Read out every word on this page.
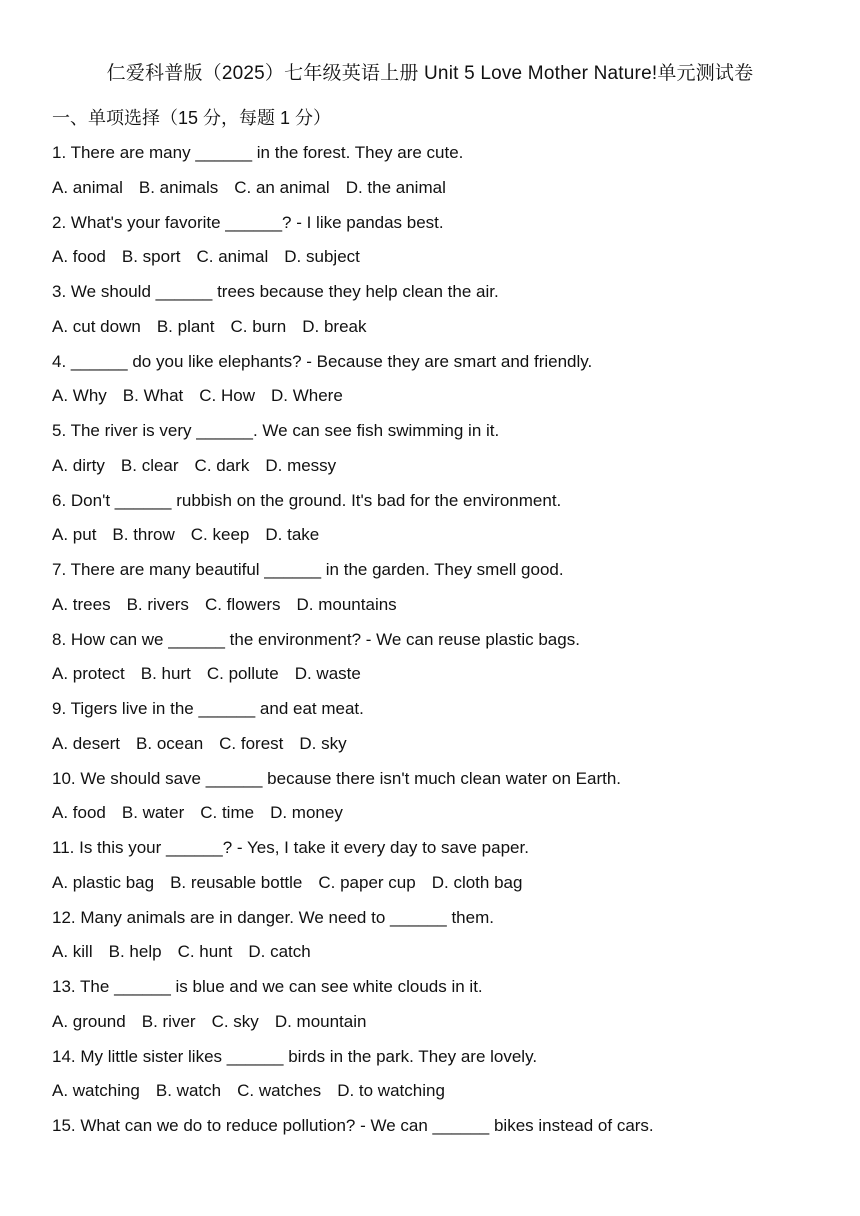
仁爱科普版（2025）七年级英语上册 Unit 5 Love Mother Nature!单元测试卷
一、单项选择（15 分，每题 1 分）
1. There are many ______ in the forest. They are cute.
A. animal B. animals C. an animal D. the animal
2. What's your favorite ______? - I like pandas best.
A. food B. sport C. animal D. subject
3. We should ______ trees because they help clean the air.
A. cut down B. plant C. burn D. break
4. ______ do you like elephants? - Because they are smart and friendly.
A. Why B. What C. How D. Where
5. The river is very ______. We can see fish swimming in it.
A. dirty B. clear C. dark D. messy
6. Don't ______ rubbish on the ground. It's bad for the environment.
A. put B. throw C. keep D. take
7. There are many beautiful ______ in the garden. They smell good.
A. trees B. rivers C. flowers D. mountains
8. How can we ______ the environment? - We can reuse plastic bags.
A. protect B. hurt C. pollute D. waste
9. Tigers live in the ______ and eat meat.
A. desert B. ocean C. forest D. sky
10. We should save ______ because there isn't much clean water on Earth.
A. food B. water C. time D. money
11. Is this your ______? - Yes, I take it every day to save paper.
A. plastic bag B. reusable bottle C. paper cup D. cloth bag
12. Many animals are in danger. We need to ______ them.
A. kill B. help C. hunt D. catch
13. The ______ is blue and we can see white clouds in it.
A. ground B. river C. sky D. mountain
14. My little sister likes ______ birds in the park. They are lovely.
A. watching B. watch C. watches D. to watching
15. What can we do to reduce pollution? - We can ______ bikes instead of cars.
